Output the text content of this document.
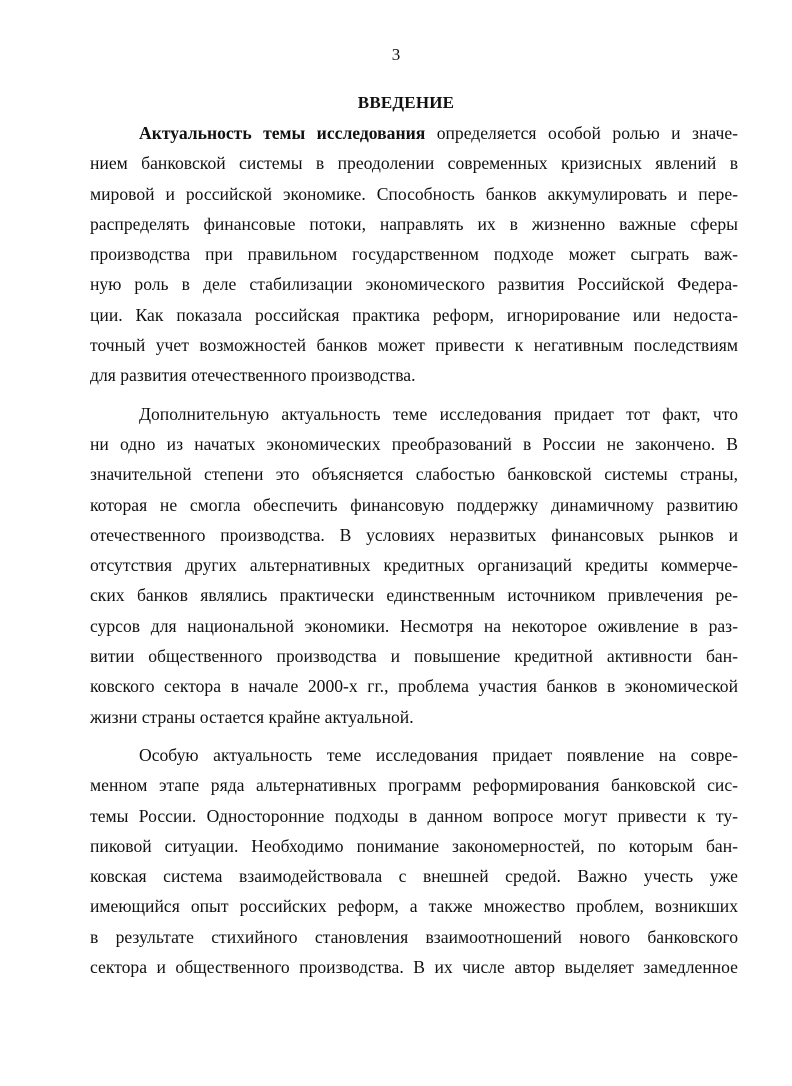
3
ВВЕДЕНИЕ
Актуальность темы исследования определяется особой ролью и значе-
нием банковской системы в преодолении современных кризисных явлений в
мировой и российской экономике. Способность банков аккумулировать и пере-
распределять финансовые потоки, направлять их в жизненно важные сферы
производства при правильном государственном подходе может сыграть важ-
ную роль в деле стабилизации экономического развития Российской Федера-
ции. Как показала российская практика реформ, игнорирование или недоста-
точный учет возможностей банков может привести к негативным последствиям
для развития отечественного производства.
Дополнительную актуальность теме исследования придает тот факт, что
ни одно из начатых экономических преобразований в России не закончено. В
значительной степени это объясняется слабостью банковской системы страны,
которая не смогла обеспечить финансовую поддержку динамичному развитию
отечественного производства. В условиях неразвитых финансовых рынков и
отсутствия других альтернативных кредитных организаций кредиты коммерче-
ских банков являлись практически единственным источником привлечения ре-
сурсов для национальной экономики. Несмотря на некоторое оживление в раз-
витии общественного производства и повышение кредитной активности бан-
ковского сектора в начале 2000-х гг., проблема участия банков в экономической
жизни страны остается крайне актуальной.
Особую актуальность теме исследования придает появление на совре-
менном этапе ряда альтернативных программ реформирования банковской сис-
темы России. Односторонние подходы в данном вопросе могут привести к ту-
пиковой ситуации. Необходимо понимание закономерностей, по которым бан-
ковская система взаимодействовала с внешней средой. Важно учесть уже
имеющийся опыт российских реформ, а также множество проблем, возникших
в результате стихийного становления взаимоотношений нового банковского
сектора и общественного производства. В их числе автор выделяет замедленное
